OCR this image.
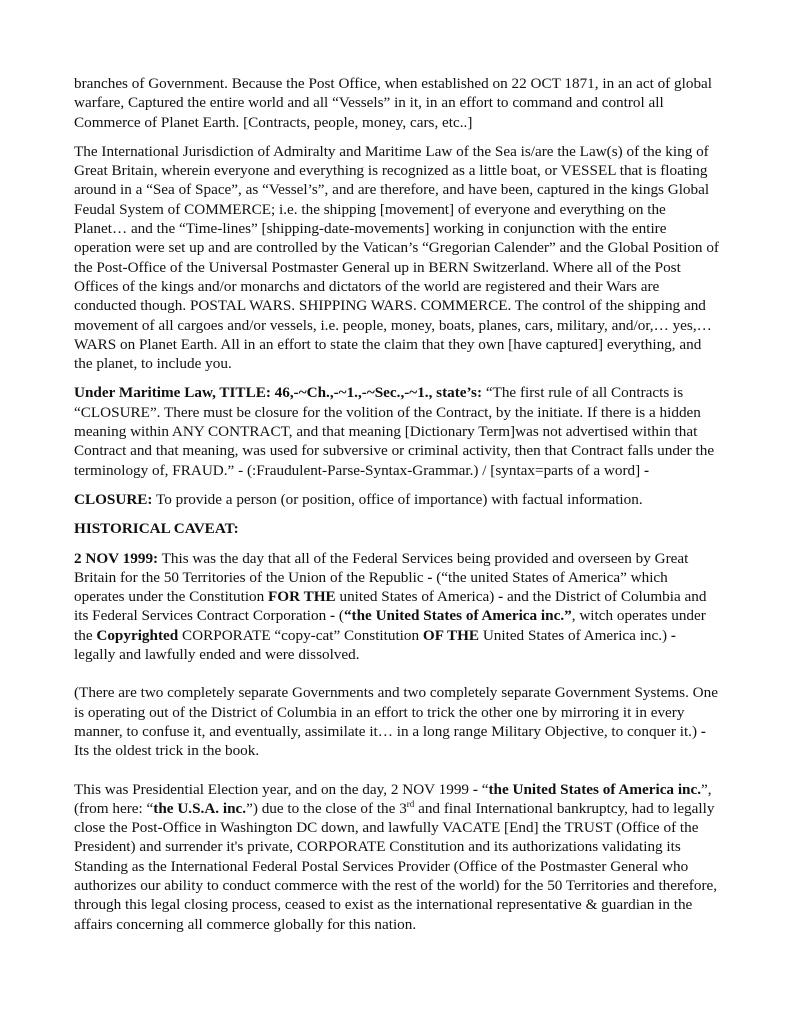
branches of Government. Because the Post Office, when established on 22 OCT 1871, in an act of global warfare, Captured the entire world and all “Vessels” in it, in an effort to command and control all Commerce of Planet Earth. [Contracts, people, money, cars, etc..]

The International Jurisdiction of Admiralty and Maritime Law of the Sea is/are the Law(s) of the king of Great Britain, wherein everyone and everything is recognized as a little boat, or VESSEL that is floating around in a “Sea of Space”, as “Vessel’s”, and are therefore, and have been, captured in the kings Global Feudal System of COMMERCE; i.e. the shipping [movement] of everyone and everything on the Planet… and the “Time-lines” [shipping-date-movements] working in conjunction with the entire operation were set up and are controlled by the Vatican’s “Gregorian Calender” and the Global Position of the Post-Office of the Universal Postmaster General up in BERN Switzerland. Where all of the Post Offices of the kings and/or monarchs and dictators of the world are registered and their Wars are conducted though. POSTAL WARS. SHIPPING WARS. COMMERCE. The control of the shipping and movement of all cargoes and/or vessels, i.e. people, money, boats, planes, cars, military, and/or,… yes,… WARS on Planet Earth. All in an effort to state the claim that they own [have captured] everything, and the planet, to include you.

Under Maritime Law, TITLE: 46,-~Ch.,-~1.,-~Sec.,-~1., state’s: “The first rule of all Contracts is “CLOSURE”. There must be closure for the volition of the Contract, by the initiate. If there is a hidden meaning within ANY CONTRACT, and that meaning [Dictionary Term]was not advertised within that Contract and that meaning, was used for subversive or criminal activity, then that Contract falls under the terminology of, FRAUD.” - (:Fraudulent-Parse-Syntax-Grammar.) / [syntax=parts of a word] -

CLOSURE: To provide a person (or position, office of importance) with factual information.

HISTORICAL CAVEAT:

2 NOV 1999: This was the day that all of the Federal Services being provided and overseen by Great Britain for the 50 Territories of the Union of the Republic - (“the united States of America” which operates under the Constitution FOR THE united States of America) - and the District of Columbia and its Federal Services Contract Corporation - (“the United States of America inc.”, witch operates under the Copyrighted CORPORATE “copy-cat” Constitution OF THE United States of America inc.) - legally and lawfully ended and were dissolved.

(There are two completely separate Governments and two completely separate Government Systems. One is operating out of the District of Columbia in an effort to trick the other one by mirroring it in every manner, to confuse it, and eventually, assimilate it… in a long range Military Objective, to conquer it.) - Its the oldest trick in the book.

This was Presidential Election year, and on the day, 2 NOV 1999 - “the United States of America inc.”, (from here: “the U.S.A. inc.”) due to the close of the 3rd and final International bankruptcy, had to legally close the Post-Office in Washington DC down, and lawfully VACATE [End] the TRUST (Office of the President) and surrender it's private, CORPORATE Constitution and its authorizations validating its Standing as the International Federal Postal Services Provider (Office of the Postmaster General who authorizes our ability to conduct commerce with the rest of the world) for the 50 Territories and therefore, through this legal closing process, ceased to exist as the international representative & guardian in the affairs concerning all commerce globally for this nation.
